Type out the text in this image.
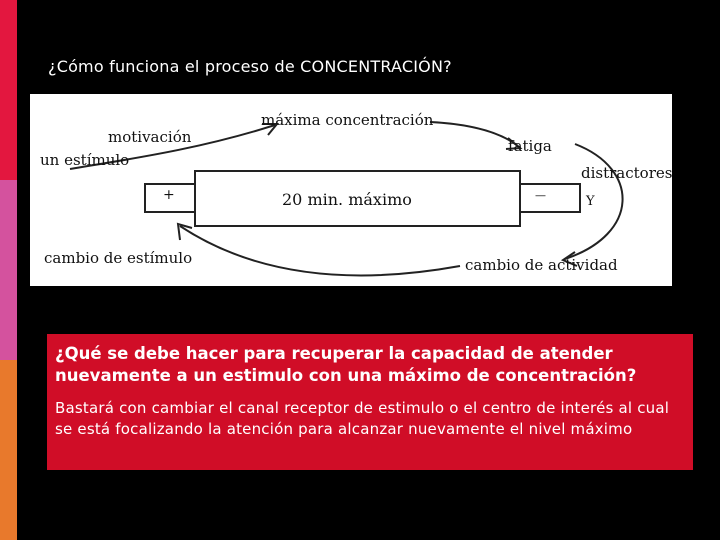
¿Cómo funciona el proceso de CONCENTRACIÓN?
motivación
máxima concentración
un estímulo
fatiga
distractores
+	20 min. máximo	—	Y
cambio de estímulo	cambio de actividad
¿Qué se debe hacer para recuperar la capacidad de atender nuevamente a un estimulo con una máximo de concentración?
Bastará con cambiar el canal receptor de estimulo o el centro de interés al cual se está focalizando la atención para alcanzar nuevamente el nivel máximo
